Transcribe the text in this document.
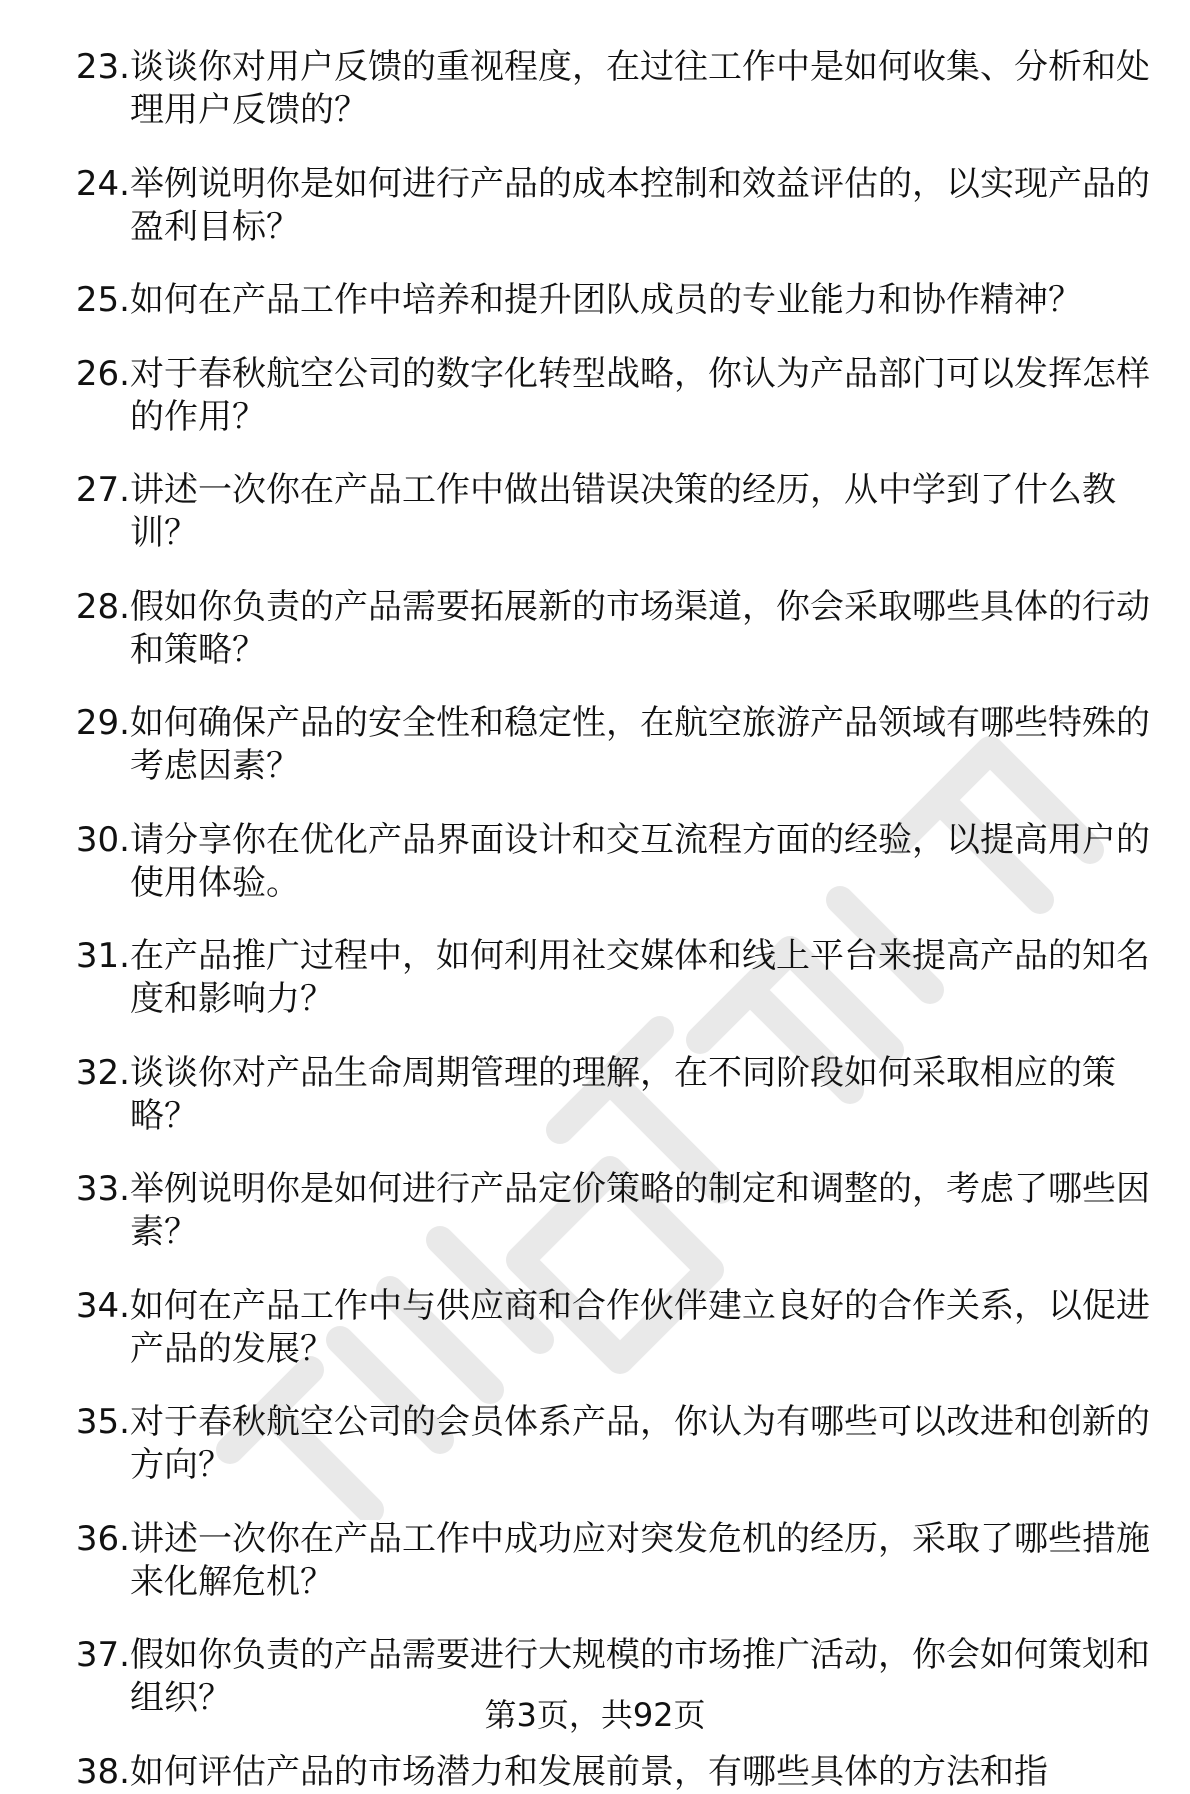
23. 谈谈你对用户反馈的重视程度，在过往工作中是如何收集、分析和处理用户反馈的？
24. 举例说明你是如何进行产品的成本控制和效益评估的，以实现产品的盈利目标？
25. 如何在产品工作中培养和提升团队成员的专业能力和协作精神？
26. 对于春秋航空公司的数字化转型战略，你认为产品部门可以发挥怎样的作用？
27. 讲述一次你在产品工作中做出错误决策的经历，从中学到了什么教训？
28. 假如你负责的产品需要拓展新的市场渠道，你会采取哪些具体的行动和策略？
29. 如何确保产品的安全性和稳定性，在航空旅游产品领域有哪些特殊的考虑因素？
30. 请分享你在优化产品界面设计和交互流程方面的经验，以提高用户的使用体验。
31. 在产品推广过程中，如何利用社交媒体和线上平台来提高产品的知名度和影响力？
32. 谈谈你对产品生命周期管理的理解，在不同阶段如何采取相应的策略？
33. 举例说明你是如何进行产品定价策略的制定和调整的，考虑了哪些因素？
34. 如何在产品工作中与供应商和合作伙伴建立良好的合作关系，以促进产品的发展？
35. 对于春秋航空公司的会员体系产品，你认为有哪些可以改进和创新的方向？
36. 讲述一次你在产品工作中成功应对突发危机的经历，采取了哪些措施来化解危机？
37. 假如你负责的产品需要进行大规模的市场推广活动，你会如何策划和组织？
38. 如何评估产品的市场潜力和发展前景，有哪些具体的方法和指
第3页，共92页
